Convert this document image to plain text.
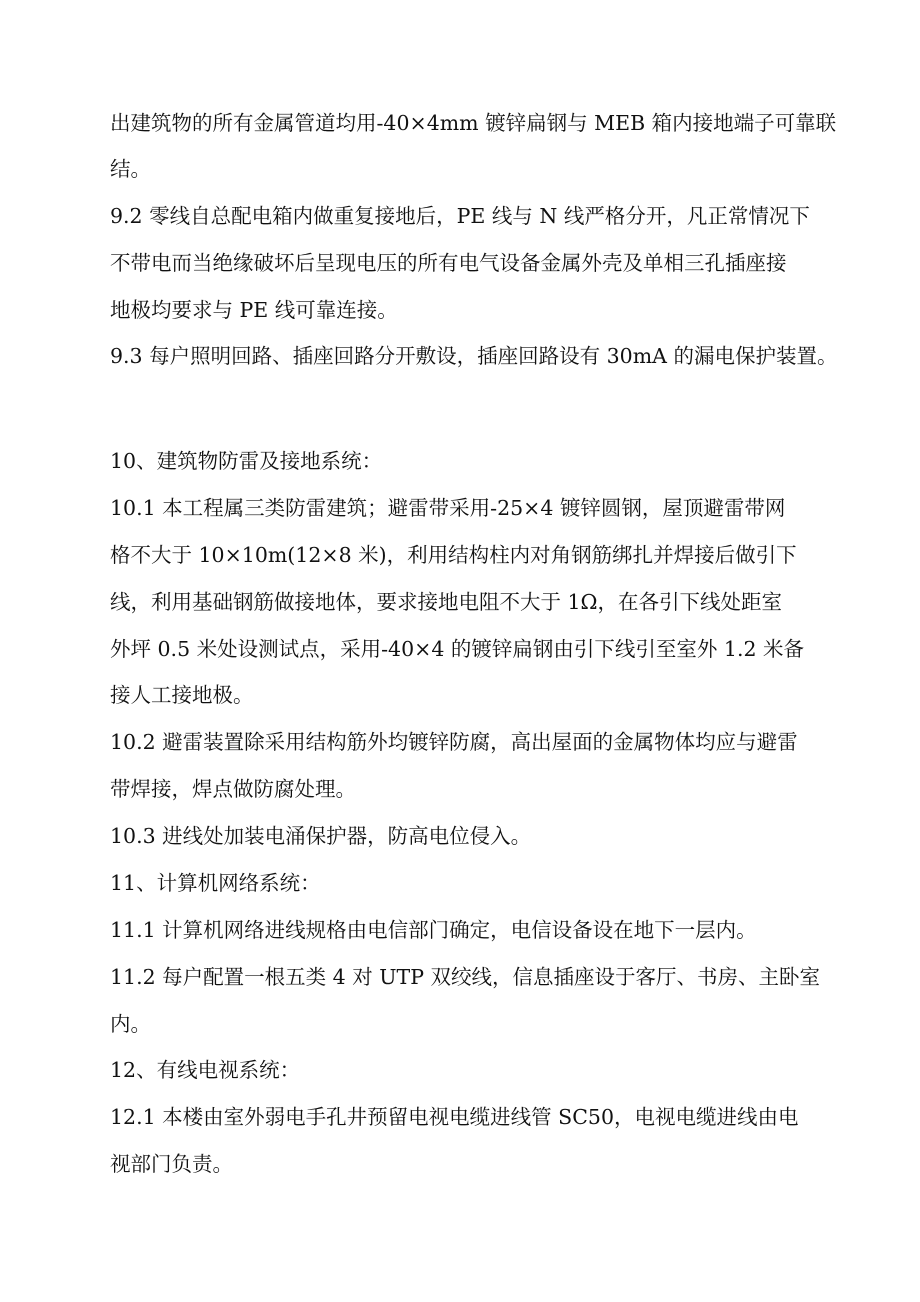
出建筑物的所有金属管道均用-40×4mm 镀锌扁钢与 MEB 箱内接地端子可靠联
结。
9.2 零线自总配电箱内做重复接地后，PE 线与 N 线严格分开，凡正常情况下
不带电而当绝缘破坏后呈现电压的所有电气设备金属外壳及单相三孔插座接
地极均要求与 PE 线可靠连接。
9.3 每户照明回路、插座回路分开敷设，插座回路设有 30mA 的漏电保护装置。
10、建筑物防雷及接地系统：
10.1 本工程属三类防雷建筑；避雷带采用-25×4 镀锌圆钢，屋顶避雷带网
格不大于 10×10m(12×8 米)，利用结构柱内对角钢筋绑扎并焊接后做引下
线，利用基础钢筋做接地体，要求接地电阻不大于 1Ω，在各引下线处距室
外坪 0.5 米处设测试点，采用-40×4 的镀锌扁钢由引下线引至室外 1.2 米备
接人工接地极。
10.2 避雷装置除采用结构筋外均镀锌防腐，高出屋面的金属物体均应与避雷
带焊接，焊点做防腐处理。
10.3 进线处加装电涌保护器，防高电位侵入。
11、计算机网络系统：
11.1 计算机网络进线规格由电信部门确定，电信设备设在地下一层内。
11.2 每户配置一根五类 4 对 UTP 双绞线，信息插座设于客厅、书房、主卧室
内。
12、有线电视系统：
12.1 本楼由室外弱电手孔井预留电视电缆进线管 SC50，电视电缆进线由电
视部门负责。
